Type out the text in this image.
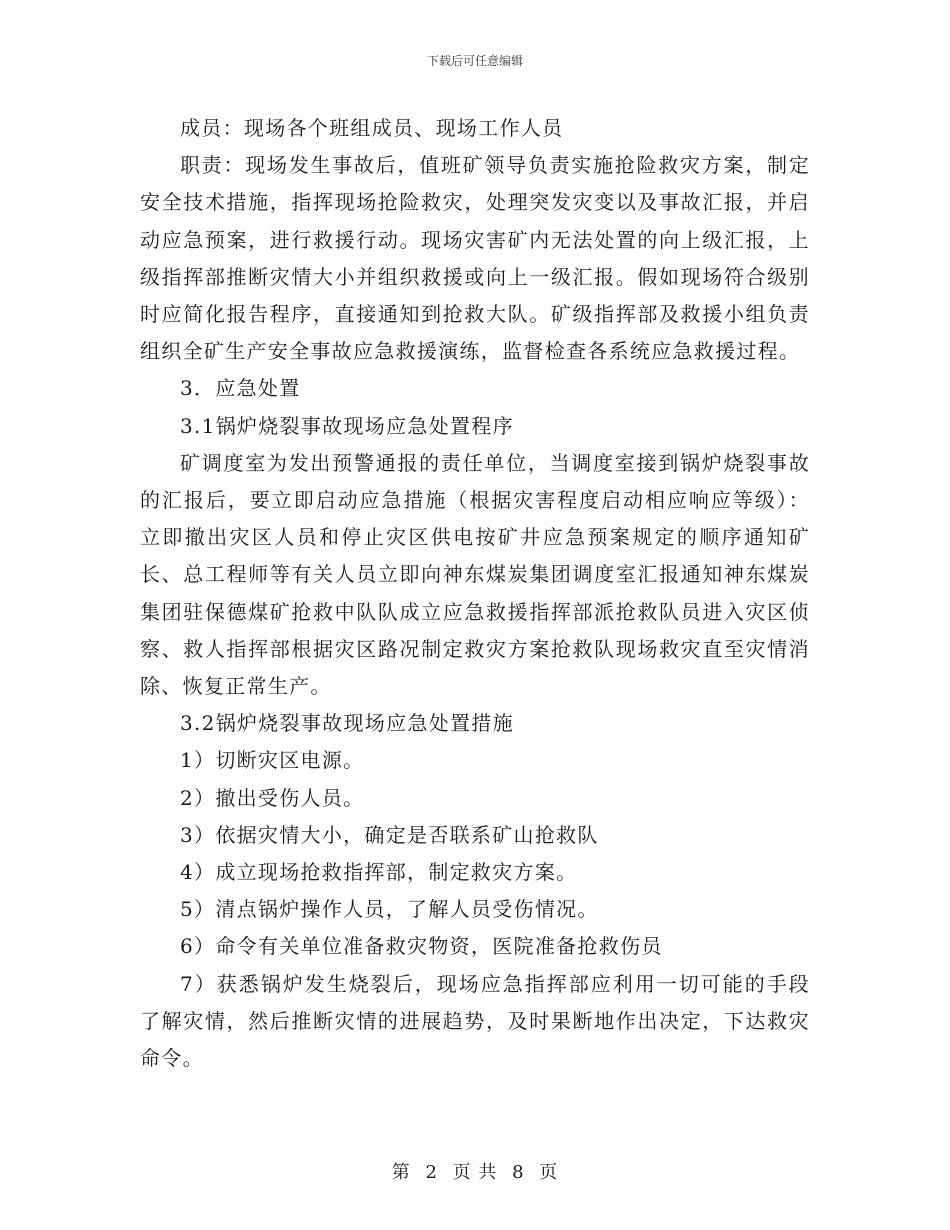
下载后可任意编辑

成员：现场各个班组成员、现场工作人员

职责：现场发生事故后，值班矿领导负责实施抢险救灾方案，制定安全技术措施，指挥现场抢险救灾，处理突发灾变以及事故汇报，并启动应急预案，进行救援行动。现场灾害矿内无法处置的向上级汇报，上级指挥部推断灾情大小并组织救援或向上一级汇报。假如现场符合级别时应简化报告程序，直接通知到抢救大队。矿级指挥部及救援小组负责组织全矿生产安全事故应急救援演练，监督检查各系统应急救援过程。

3．应急处置

3.1锅炉烧裂事故现场应急处置程序

矿调度室为发出预警通报的责任单位，当调度室接到锅炉烧裂事故的汇报后，要立即启动应急措施（根据灾害程度启动相应响应等级）：立即撤出灾区人员和停止灾区供电按矿井应急预案规定的顺序通知矿长、总工程师等有关人员立即向神东煤炭集团调度室汇报通知神东煤炭集团驻保德煤矿抢救中队队成立应急救援指挥部派抢救队员进入灾区侦察、救人指挥部根据灾区路况制定救灾方案抢救队现场救灾直至灾情消除、恢复正常生产。

3.2锅炉烧裂事故现场应急处置措施

1）切断灾区电源。

2）撤出受伤人员。

3）依据灾情大小，确定是否联系矿山抢救队

4）成立现场抢救指挥部，制定救灾方案。

5）清点锅炉操作人员，了解人员受伤情况。

6）命令有关单位准备救灾物资，医院准备抢救伤员

7）获悉锅炉发生烧裂后，现场应急指挥部应利用一切可能的手段了解灾情，然后推断灾情的进展趋势，及时果断地作出决定，下达救灾命令。

第 2 页 共 8 页
